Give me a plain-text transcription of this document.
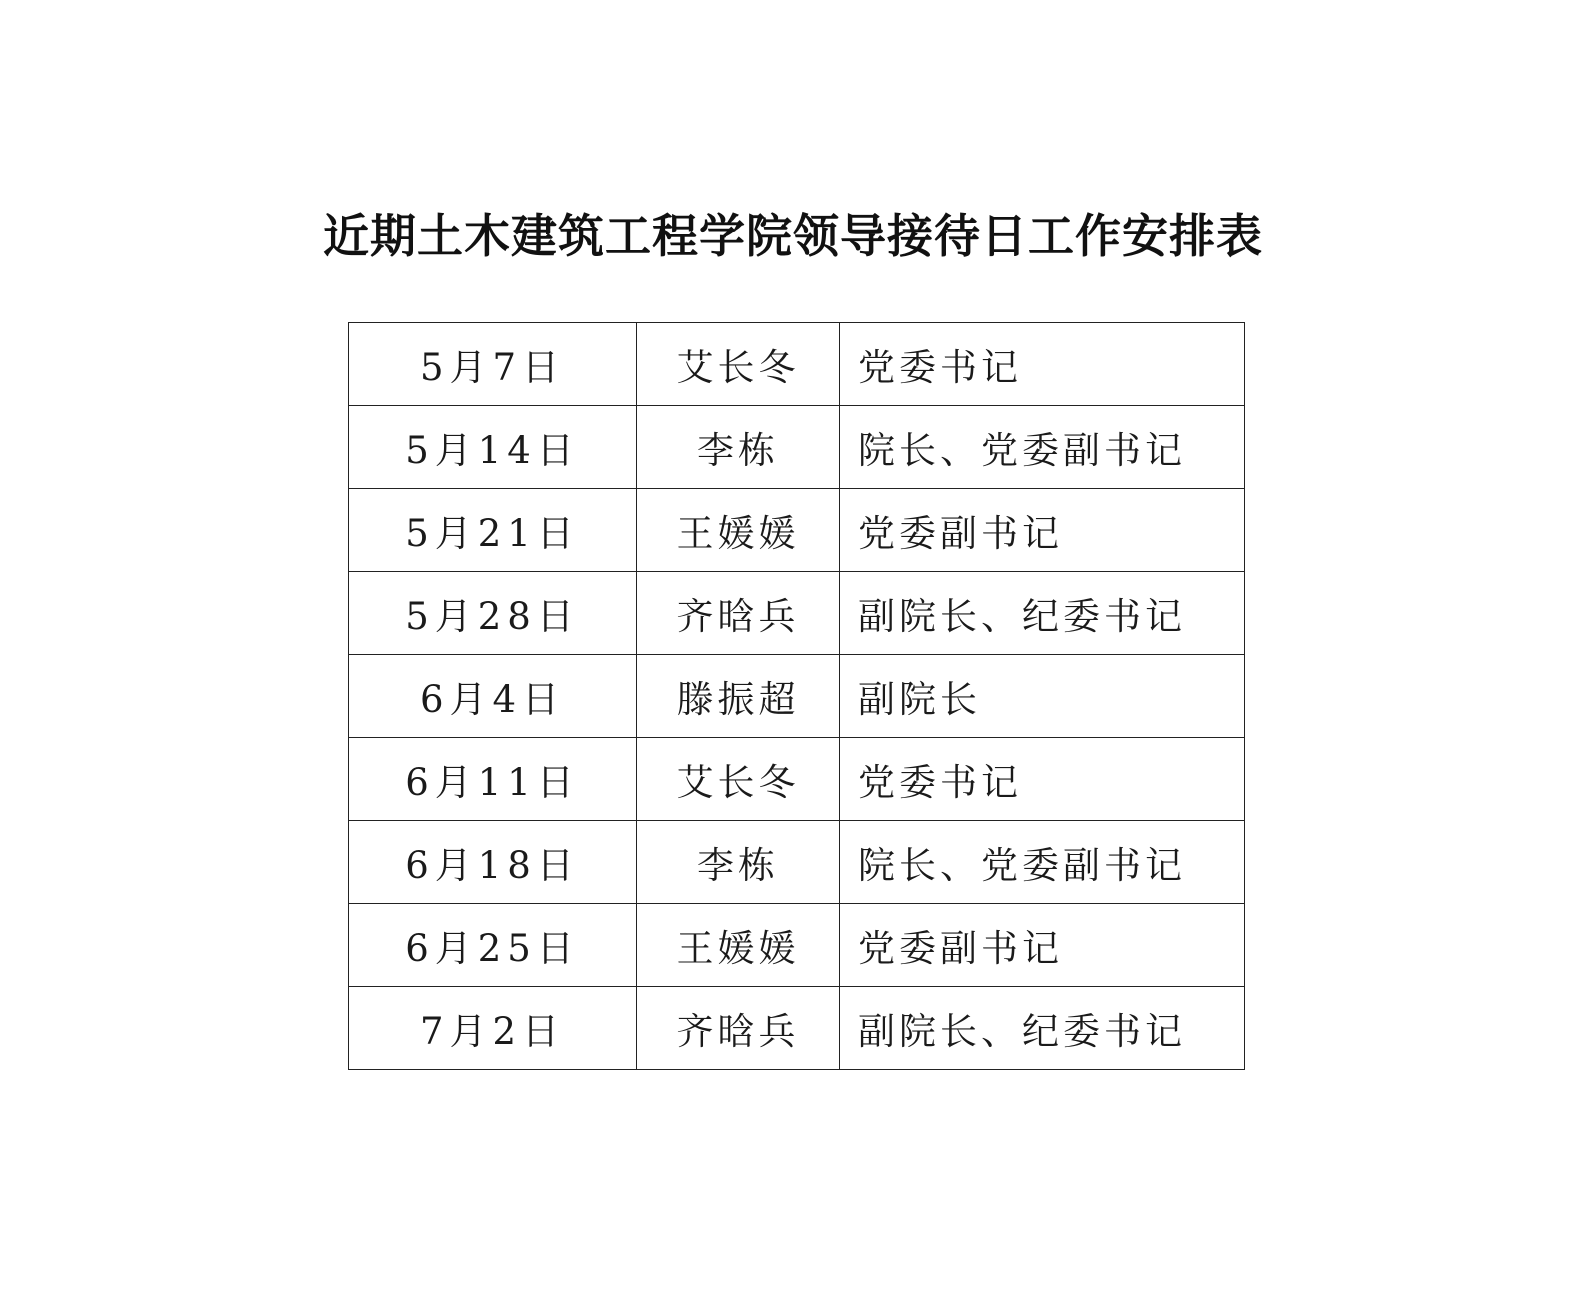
近期土木建筑工程学院领导接待日工作安排表
5月7日	艾长冬	党委书记
5月14日	李栋	院长、党委副书记
5月21日	王媛媛	党委副书记
5月28日	齐晗兵	副院长、纪委书记
6月4日	滕振超	副院长
6月11日	艾长冬	党委书记
6月18日	李栋	院长、党委副书记
6月25日	王媛媛	党委副书记
7月2日	齐晗兵	副院长、纪委书记
